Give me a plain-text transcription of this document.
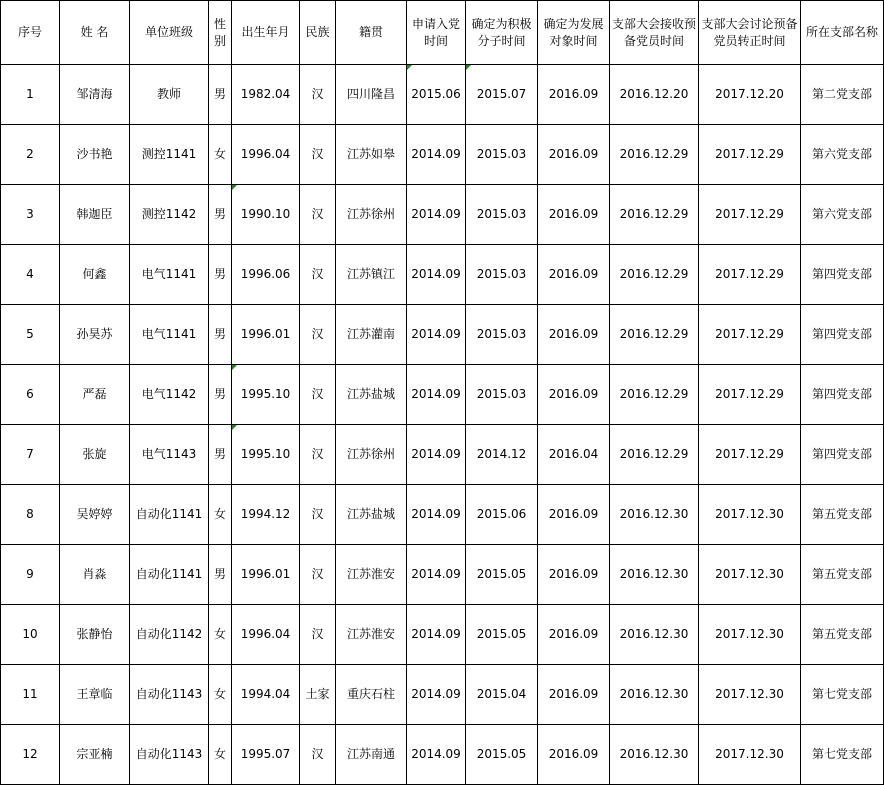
序号	姓 名	单位班级	性别	出生年月	民族	籍贯	申请入党时间	确定为积极分子时间	确定为发展对象时间	支部大会接收预备党员时间	支部大会讨论预备党员转正时间	所在支部名称
1	邹清海	教师	男	1982.04	汉	四川隆昌	2015.06	2015.07	2016.09	2016.12.20	2017.12.20	第二党支部
2	沙书艳	测控1141	女	1996.04	汉	江苏如皋	2014.09	2015.03	2016.09	2016.12.29	2017.12.29	第六党支部
3	韩迦臣	测控1142	男	1990.10	汉	江苏徐州	2014.09	2015.03	2016.09	2016.12.29	2017.12.29	第六党支部
4	何鑫	电气1141	男	1996.06	汉	江苏镇江	2014.09	2015.03	2016.09	2016.12.29	2017.12.29	第四党支部
5	孙昊苏	电气1141	男	1996.01	汉	江苏灌南	2014.09	2015.03	2016.09	2016.12.29	2017.12.29	第四党支部
6	严磊	电气1142	男	1995.10	汉	江苏盐城	2014.09	2015.03	2016.09	2016.12.29	2017.12.29	第四党支部
7	张旋	电气1143	男	1995.10	汉	江苏徐州	2014.09	2014.12	2016.04	2016.12.29	2017.12.29	第四党支部
8	吴婷婷	自动化1141	女	1994.12	汉	江苏盐城	2014.09	2015.06	2016.09	2016.12.30	2017.12.30	第五党支部
9	肖淼	自动化1141	男	1996.01	汉	江苏淮安	2014.09	2015.05	2016.09	2016.12.30	2017.12.30	第五党支部
10	张静怡	自动化1142	女	1996.04	汉	江苏淮安	2014.09	2015.05	2016.09	2016.12.30	2017.12.30	第五党支部
11	王章临	自动化1143	女	1994.04	土家	重庆石柱	2014.09	2015.04	2016.09	2016.12.30	2017.12.30	第七党支部
12	宗亚楠	自动化1143	女	1995.07	汉	江苏南通	2014.09	2015.05	2016.09	2016.12.30	2017.12.30	第七党支部
